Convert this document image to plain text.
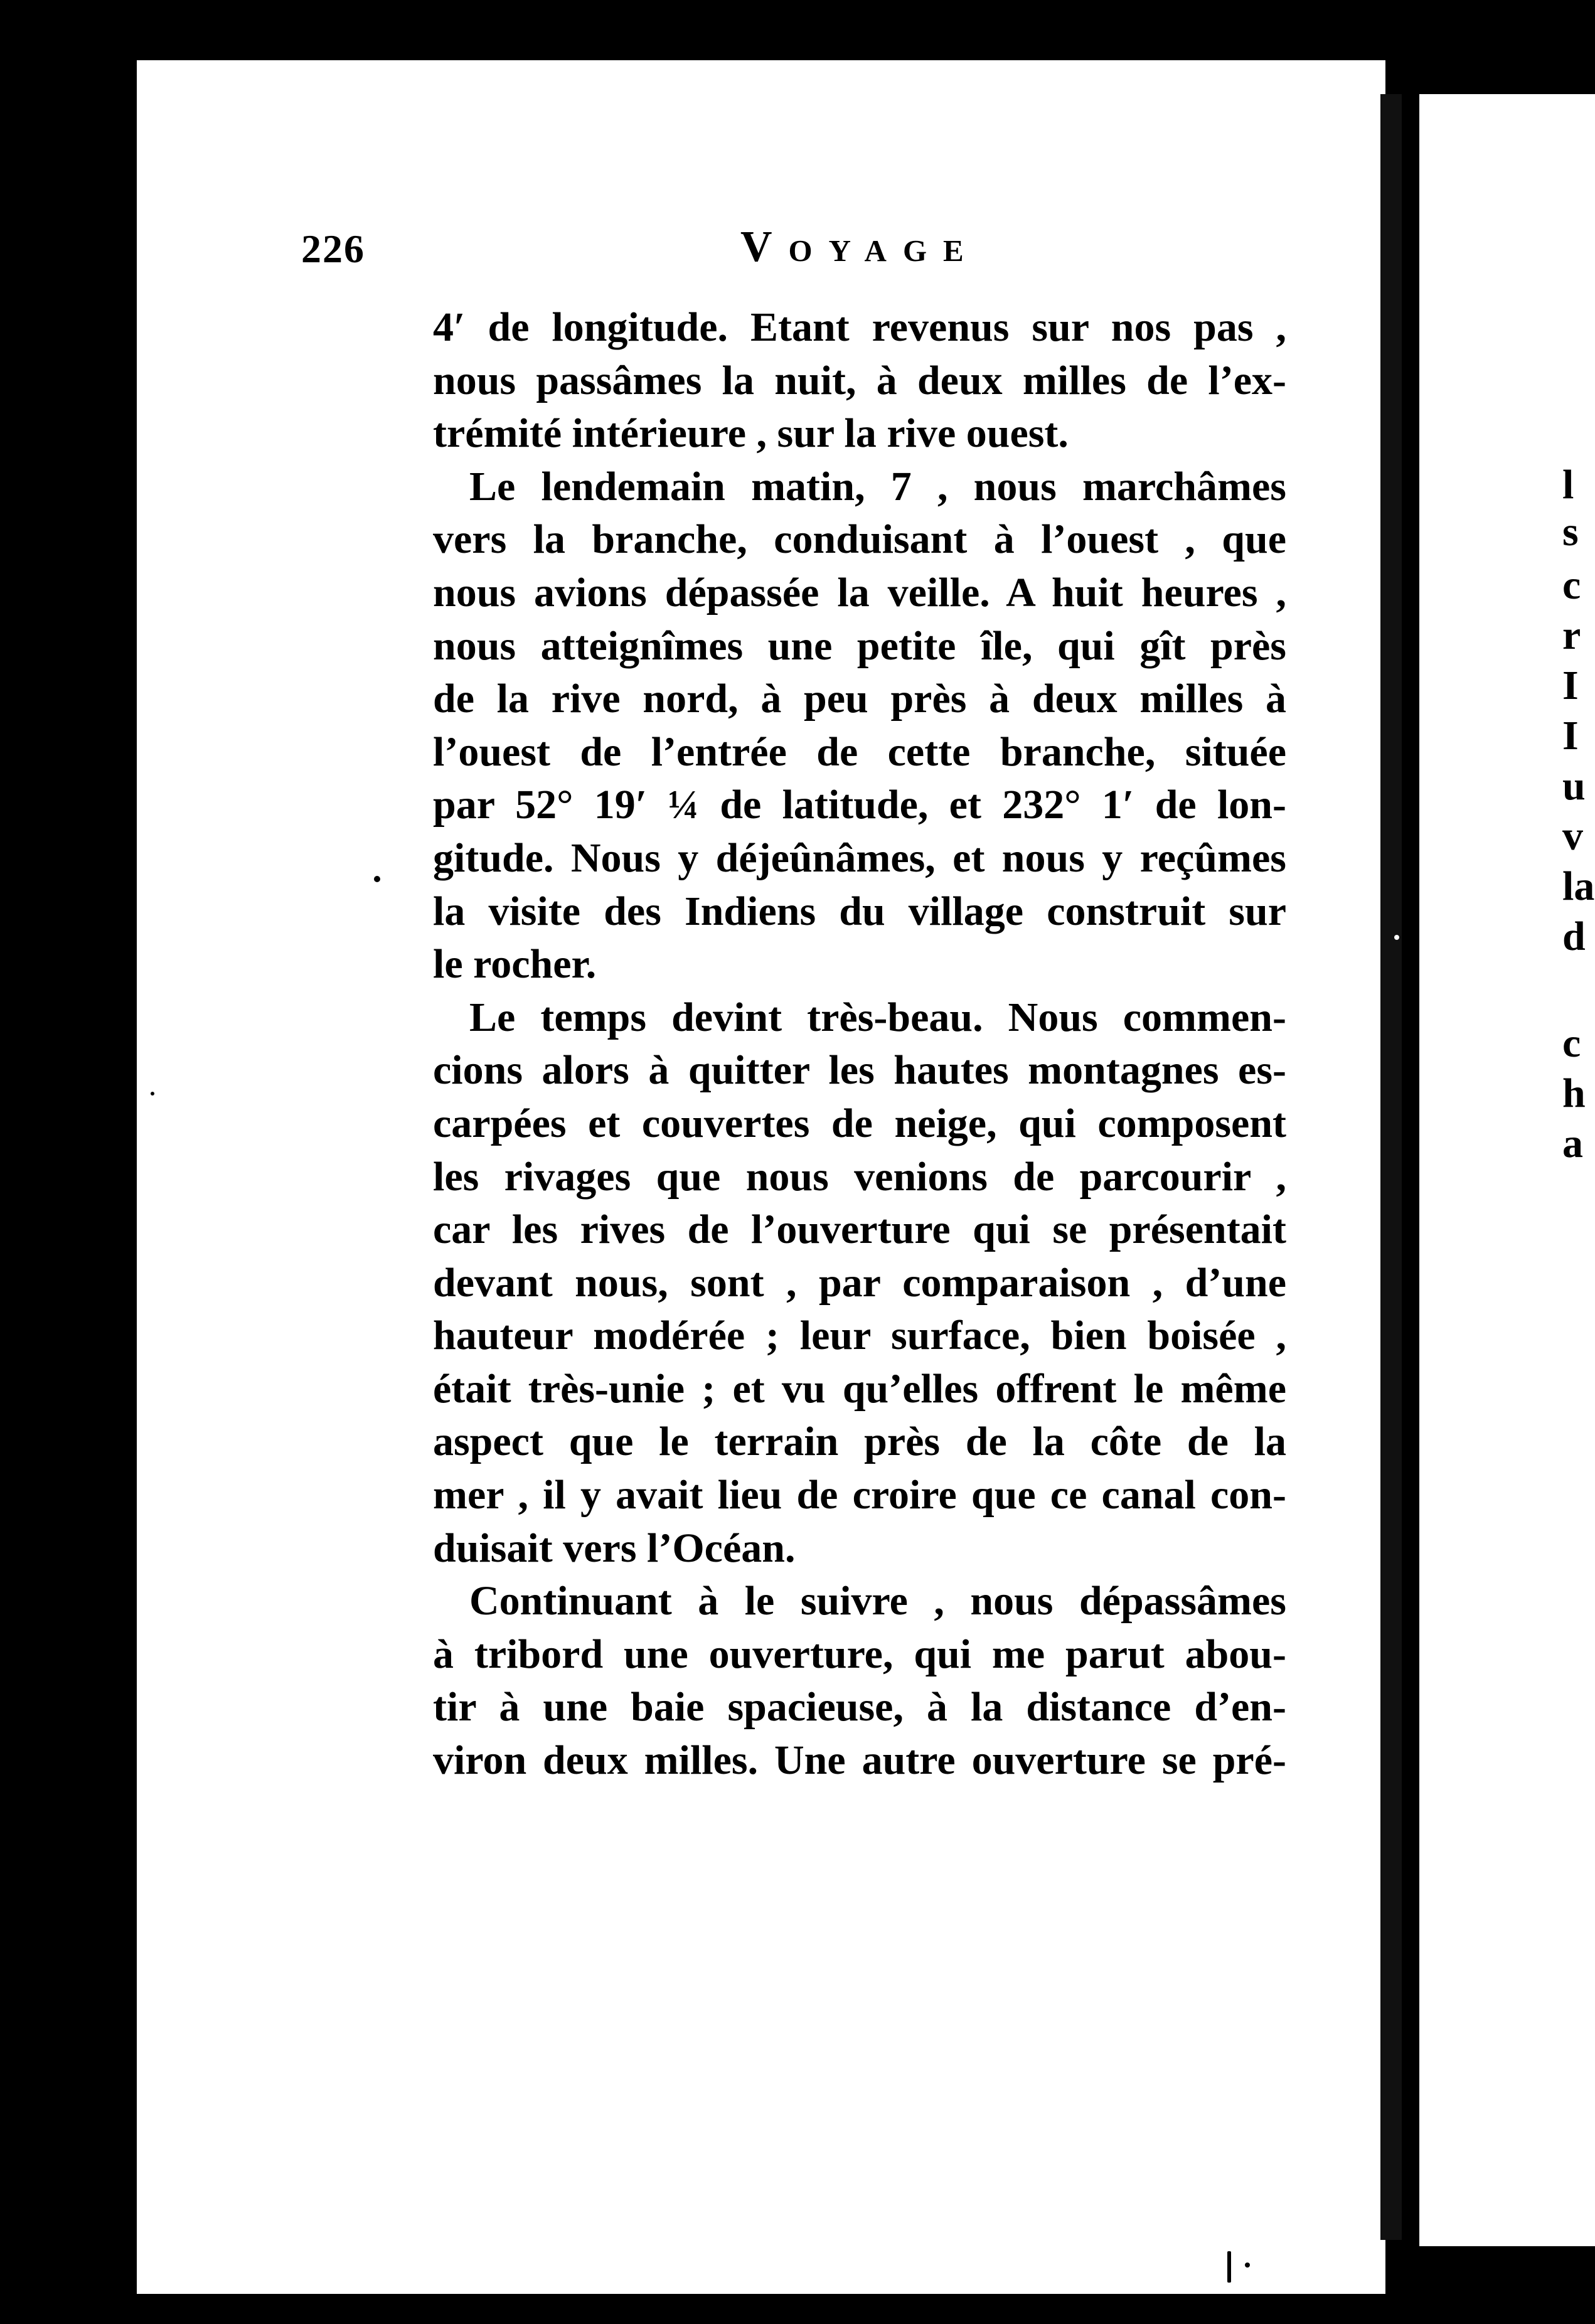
l
s
c
r
I
I
u
v
la
d
c
h
a
226	Voyage
4′ de longitude. Etant revenus sur nos pas ,
nous passâmes la nuit, à deux milles de l’ex-
trémité intérieure , sur la rive ouest.
Le lendemain matin, 7 , nous marchâmes
vers la branche, conduisant à l’ouest , que
nous avions dépassée la veille. A huit heures ,
nous atteignîmes une petite île, qui gît près
de la rive nord, à peu près à deux milles à
l’ouest de l’entrée de cette branche, située
par 52° 19′ ¼ de latitude, et 232° 1′ de lon-
gitude. Nous y déjeûnâmes, et nous y reçûmes
la visite des Indiens du village construit sur
le rocher.
Le temps devint très-beau. Nous commen-
cions alors à quitter les hautes montagnes es-
carpées et couvertes de neige, qui composent
les rivages que nous venions de parcourir ,
car les rives de l’ouverture qui se présentait
devant nous, sont , par comparaison , d’une
hauteur modérée ; leur surface, bien boisée ,
était très-unie ; et vu qu’elles offrent le même
aspect que le terrain près de la côte de la
mer , il y avait lieu de croire que ce canal con-
duisait vers l’Océan.
Continuant à le suivre , nous dépassâmes
à tribord une ouverture, qui me parut abou-
tir à une baie spacieuse, à la distance d’en-
viron deux milles. Une autre ouverture se pré-
